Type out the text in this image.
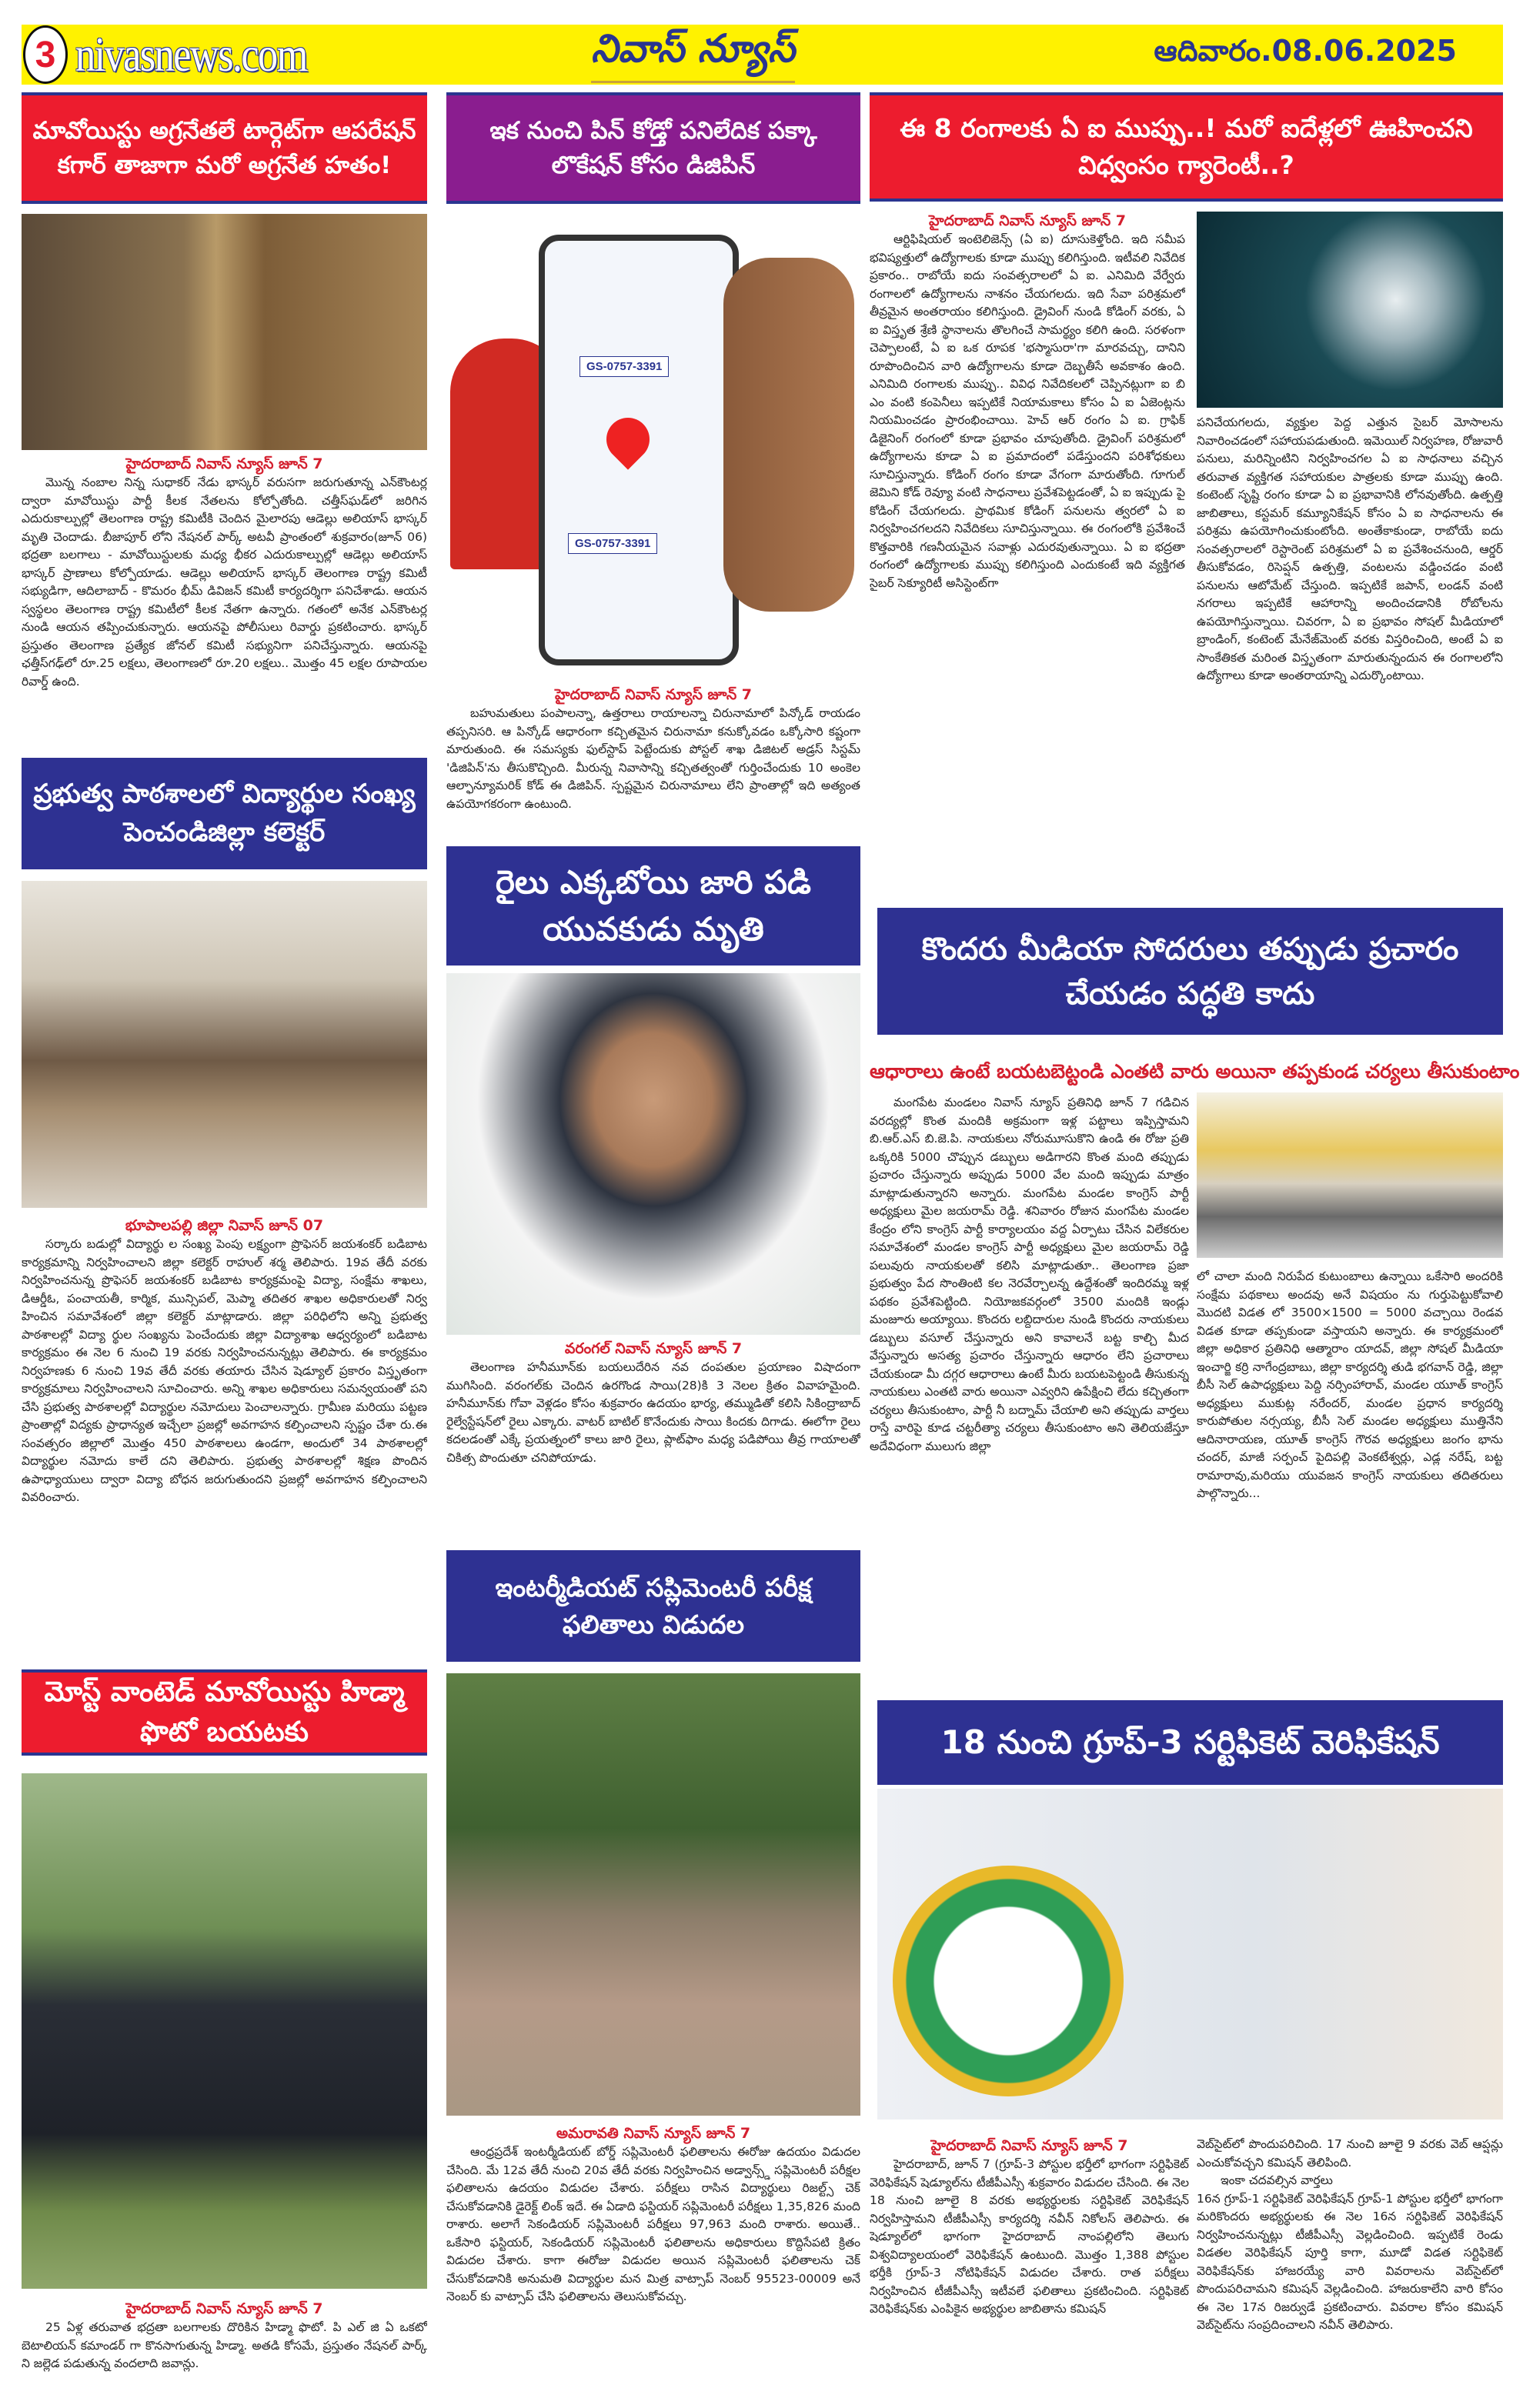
3 nivasnews.com	నివాస్ న్యూస్	ఆదివారం.08.06.2025
మావోయిస్టు అగ్రనేతలే టార్గెట్‌గా ఆపరేషన్ కగార్ తాజాగా మరో అగ్రనేత హతం!
హైదరాబాద్ నివాస్ న్యూస్ జూన్ 7
మొన్న నంబాల నిన్న సుధాకర్ నేడు భాస్కర్ వరుసగా జరుగుతూన్న ఎన్‌కౌంటర్ల ద్వారా మావోయిస్టు పార్టీ కీలక నేతలను కోల్పోతోంది. చత్తీస్‌ఘడ్‌లో జరిగిన ఎదురుకాల్పుల్లో తెలంగాణ రాష్ట్ర కమిటీకి చెందిన మైలారపు ఆడెల్లు అలియాస్ భాస్కర్ మృతి చెందాడు. బీజాపూర్ లోని నేషనల్ పార్క్ అటవీ ప్రాంతంలో శుక్రవారం(జూన్ 06) భద్రతా బలగాలు - మావోయిస్టులకు మధ్య భీకర ఎదురుకాల్పుల్లో ఆడెల్లు అలియాస్ భాస్కర్ ప్రాణాలు కోల్పోయాడు. ఆడెల్లు అలియాస్ భాస్కర్ తెలంగాణ రాష్ట్ర కమిటీ సభ్యుడిగా, ఆదిలాబాద్ - కొమరం భీమ్ డివిజన్ కమిటీ కార్యదర్శిగా పనిచేశాడు. ఆయన స్వస్థలం తెలంగాణ రాష్ట్ర కమిటీలో కీలక నేతగా ఉన్నారు. గతంలో అనేక ఎన్‌కౌంటర్ల నుండి ఆయన తప్పించుకున్నారు. ఆయనపై పోలీసులు రివార్డు ప్రకటించారు. భాస్కర్ ప్రస్తుతం తెలంగాణ ప్రత్యేక జోనల్ కమిటీ సభ్యునిగా పనిచేస్తున్నారు. ఆయనపై ఛత్తీస్‌గఢ్‌లో రూ.25 లక్షలు, తెలంగాణలో రూ.20 లక్షలు.. మొత్తం 45 లక్షల రూపాయల రివార్డ్ ఉంది.
ప్రభుత్వ పాఠశాలలో విద్యార్థుల సంఖ్య పెంచండిజిల్లా కలెక్టర్
భూపాలపల్లి జిల్లా నివాస్ జూన్ 07
సర్కారు బడుల్లో విద్యార్థు ల సంఖ్య పెంపు లక్ష్యంగా ప్రొఫెసర్ జయశంకర్ బడిబాట కార్యక్రమాన్ని నిర్వహించాలని జిల్లా కలెక్టర్ రాహుల్ శర్మ తెలిపారు. 19వ తేదీ వరకు నిర్వహించనున్న ప్రొఫెసర్ జయశంకర్ బడిబాట కార్యక్రమంపై విద్యా, సంక్షేమ శాఖలు, డిఆర్డీఓ, పంచాయతీ, కార్మిక, మున్సిపల్, మెప్మా తదితర శాఖల అధికారులతో నిర్వ హించిన సమావేశంలో జిల్లా కలెక్టర్ మాట్లాడారు. జిల్లా పరిధిలోని అన్ని ప్రభుత్వ పాఠశాలల్లో విద్యా ర్థుల సంఖ్యను పెంచేందుకు జిల్లా విద్యాశాఖ ఆధ్వర్యంలో బడిబాట కార్యక్రమం ఈ నెల 6 నుంచి 19 వరకు నిర్వహించనున్నట్లు తెలిపారు. ఈ కార్యక్రమం నిర్వహణకు 6 నుంచి 19వ తేదీ వరకు తయారు చేసిన షెడ్యూల్ ప్రకారం విస్తృతంగా కార్యక్రమాలు నిర్వహించాలని సూచించారు. అన్ని శాఖల అధికారులు సమన్వయంతో పని చేసి ప్రభుత్వ పాఠశాలల్లో విద్యార్థుల నమోదులు పెంచాలన్నారు. గ్రామీణ మరియు పట్టణ ప్రాంతాల్లో విద్యకు ప్రాధాన్యత ఇచ్చేలా ప్రజల్లో అవగాహన కల్పించాలని స్పష్టం చేశా రు.ఈ సంవత్సరం జిల్లాలో మొత్తం 450 పాఠశాలలు ఉండగా, అందులో 34 పాఠశాలల్లో విద్యార్థుల నమోదు కాలే దని తెలిపారు. ప్రభుత్వ పాఠశాలల్లో శిక్షణ పొందిన ఉపాధ్యాయులు ద్వారా విద్యా బోధన జరుగుతుందని ప్రజల్లో అవగాహన కల్పించాలని వివరించారు.
మోస్ట్ వాంటెడ్ మావోయిస్టు హిడ్మా ఫొటో బయటకు
హైదరాబాద్ నివాస్ న్యూస్ జూన్ 7
25 ఏళ్ల తరువాత భద్రతా బలగాలకు దొరికిన హిడ్మా ఫొటో. పి ఎల్ జి ఏ ఒకటో బెటాలియన్ కమాండర్ గా కొనసాగుతున్న హిడ్మా. అతడి కోసమే, ప్రస్తుతం నేషనల్ పార్క్ ని జల్లెడ పడుతున్న వందలాది జవాన్లు.
ఇక నుంచి పిన్ కోడ్తో పనిలేదిక పక్కా లొకేషన్ కోసం డిజిపిన్
GS-0757-3391
GS-0757-3391
హైదరాబాద్ నివాస్ న్యూస్ జూన్ 7
బహుమతులు పంపాలన్నా, ఉత్తరాలు రాయాలన్నా చిరునామాలో పిన్కోడ్ రాయడం తప్పనిసరి. ఆ పిన్కోడ్ ఆధారంగా కచ్చితమైన చిరునామా కనుక్కోవడం ఒక్కోసారి కష్టంగా మారుతుంది. ఈ సమస్యకు ఫుల్‌స్టాప్ పెట్టేందుకు పోస్టల్ శాఖ డిజిటల్ అడ్రస్ సిస్టమ్ 'డిజిపిన్'ను తీసుకొచ్చింది. మీరున్న నివాసాన్ని కచ్చితత్వంతో గుర్తించేందుకు 10 అంకెల ఆల్ఫాన్యూమరిక్ కోడ్ ఈ డిజిపిన్. స్పష్టమైన చిరునామాలు లేని ప్రాంతాల్లో ఇది అత్యంత ఉపయోగకరంగా ఉంటుంది.
రైలు ఎక్కబోయి జారి పడి యువకుడు మృతి
వరంగల్ నివాస్ న్యూస్ జూన్ 7
తెలంగాణ హనీమూన్‌కు బయలుదేరిన నవ దంపతుల ప్రయాణం విషాదంగా ముగిసింది. వరంగల్‌కు చెందిన ఉరగొండ సాయి(28)కి 3 నెలల క్రితం వివాహమైంది. హనీమూన్‌కు గోవా వెళ్లడం కోసం శుక్రవారం ఉదయం భార్య, తమ్ముడితో కలిసి సికింద్రాబాద్ రైల్వేస్టేషన్‌లో రైలు ఎక్కారు. వాటర్ బాటిల్ కొనేందుకు సాయి కిందకు దిగాడు. ఈలోగా రైలు కదలడంతో ఎక్కే ప్రయత్నంలో కాలు జారి రైలు, ప్లాట్‌ఫాం మధ్య పడిపోయి తీవ్ర గాయాలతో చికిత్స పొందుతూ చనిపోయాడు.
ఇంటర్మీడియట్ సప్లిమెంటరీ పరీక్ష ఫలితాలు విడుదల
అమరావతి నివాస్ న్యూస్ జూన్ 7
ఆంధ్రప్రదేశ్ ఇంటర్మీడియట్ బోర్డ్ సప్లిమెంటరీ ఫలితాలను ఈరోజు ఉదయం విడుదల చేసింది. మే 12వ తేదీ నుంచి 20వ తేదీ వరకు నిర్వహించిన అడ్వాన్స్డ్ సప్లిమెంటరీ పరీక్షల ఫలితాలను ఉదయం విడుదల చేశారు. పరీక్షలు రాసిన విద్యార్థులు రిజల్ట్స్ చెక్ చేసుకోవడానికి డైరెక్ట్ లింక్ ఇదే. ఈ ఏడాది ఫస్టియర్ సప్లిమెంటరీ పరీక్షలు 1,35,826 మంది రాశారు. అలాగే సెకండియర్ సప్లిమెంటరీ పరీక్షలు 97,963 మంది రాశారు. అయితే.. ఒకేసారి ఫస్టియర్, సెకండియర్ సప్లిమెంటరీ ఫలితాలను అధికారులు కొద్దిసేపటి క్రితం విడుదల చేశారు. కాగా ఈరోజు విడుదల అయిన సప్లిమెంటరీ ఫలితాలను చెక్ చేసుకోవడానికి అనుమతి విద్యార్థుల మన మిత్ర వాట్సాప్ నెంబర్ 95523-00009 అనే నెంబర్ కు వాట్సాప్ చేసి ఫలితాలను తెలుసుకోవచ్చు.
ఈ 8 రంగాలకు ఏ ఐ ముప్పు..! మరో ఐదేళ్లలో ఊహించని విధ్వంసం గ్యారెంటీ..?
హైదరాబాద్ నివాస్ న్యూస్ జూన్ 7
ఆర్టిఫిషియల్ ఇంటెలిజెన్స్ (ఏ ఐ) దూసుకెళ్తోంది. ఇది సమీప భవిష్యత్తులో ఉద్యోగాలకు కూడా ముప్పు కలిగిస్తుంది. ఇటీవలి నివేదిక ప్రకారం.. రాబోయే ఐదు సంవత్సరాలలో ఏ ఐ. ఎనిమిది వేర్వేరు రంగాలలో ఉద్యోగాలను నాశనం చేయగలదు. ఇది సేవా పరిశ్రమలో తీవ్రమైన అంతరాయం కలిగిస్తుంది. డ్రైవింగ్ నుండి కోడింగ్ వరకు, ఏ ఐ విస్తృత శ్రేణి స్థానాలను తొలగించే సామర్థ్యం కలిగి ఉంది. సరళంగా చెప్పాలంటే, ఏ ఐ ఒక రూపక 'భస్మాసురా'గా మారవచ్చు, దానిని రూపొందించిన వారి ఉద్యోగాలను కూడా దెబ్బతీసే అవకాశం ఉంది. ఎనిమిది రంగాలకు ముప్పు.. వివిధ నివేదికలలో చెప్పినట్లుగా ఐ బి ఎం వంటి కంపెనీలు ఇప్పటికే నియామకాలు కోసం ఏ ఐ ఏజెంట్లను నియమించడం ప్రారంభించాయి. హెచ్ ఆర్ రంగం ఏ ఐ. గ్రాఫిక్ డిజైనింగ్ రంగంలో కూడా ప్రభావం చూపుతోంది. డ్రైవింగ్ పరిశ్రమలో ఉద్యోగాలను కూడా ఏ ఐ ప్రమాదంలో పడేస్తుందని పరిశోధకులు సూచిస్తున్నారు. కోడింగ్ రంగం కూడా వేగంగా మారుతోంది. గూగుల్ జెమిని కోడ్ రెవ్యూ వంటి సాధనాలు ప్రవేశపెట్టడంతో, ఏ ఐ ఇప్పుడు పై కోడింగ్ చేయగలదు. ప్రాథమిక కోడింగ్ పనులను త్వరలో ఏ ఐ నిర్వహించగలదని నివేదికలు సూచిస్తున్నాయి. ఈ రంగంలోకి ప్రవేశించే కొత్తవారికి గణనీయమైన సవాళ్లు ఎదురవుతున్నాయి. ఏ ఐ భద్రతా రంగంలో ఉద్యోగాలకు ముప్పు కలిగిస్తుంది ఎందుకంటే ఇది వ్యక్తిగత సైబర్ సెక్యూరిటీ అసిస్టెంట్‌గా
పనిచేయగలదు, వ్యక్తుల పెద్ద ఎత్తున సైబర్ మోసాలను నివారించడంలో సహాయపడుతుంది. ఇమెయిల్ నిర్వహణ, రోజువారీ పనులు, మరిన్నింటిని నిర్వహించగల ఏ ఐ సాధనాలు వచ్చిన తరువాత వ్యక్తిగత సహాయకుల పాత్రలకు కూడా ముప్పు ఉంది. కంటెంట్ సృష్టి రంగం కూడా ఏ ఐ ప్రభావానికి లోనవుతోంది. ఉత్పత్తి జాబితాలు, కస్టమర్ కమ్యూనికేషన్ కోసం ఏ ఐ సాధనాలను ఈ పరిశ్రమ ఉపయోగించుకుంటోంది. అంతేకాకుండా, రాబోయే ఐదు సంవత్సరాలలో రెస్టారెంట్ పరిశ్రమలో ఏ ఐ ప్రవేశించనుంది, ఆర్డర్ తీసుకోవడం, రిసెప్షన్ ఉత్పత్తి, వంటలను వడ్డించడం వంటి పనులను ఆటోమేట్ చేస్తుంది. ఇప్పటికే జపాన్, లండన్ వంటి నగరాలు ఇప్పటికే ఆహారాన్ని అందించడానికి రోబోలను ఉపయోగిస్తున్నాయి. చివరగా, ఏ ఐ ప్రభావం సోషల్ మీడియాలో బ్రాండింగ్, కంటెంట్ మేనేజ్‌మెంట్ వరకు విస్తరించింది, అంటే ఏ ఐ సాంకేతికత మరింత విస్తృతంగా మారుతున్నందున ఈ రంగాలలోని ఉద్యోగాలు కూడా అంతరాయాన్ని ఎదుర్కొంటాయి.
కొందరు మీడియా సోదరులు తప్పుడు ప్రచారం చేయడం పద్ధతి కాదు
ఆధారాలు ఉంటే బయటబెట్టండి ఎంతటి వారు అయినా తప్పకుండ చర్యలు తీసుకుంటాం
మంగపేట మండలం నివాస్ న్యూస్ ప్రతినిధి జూన్ 7 గడిచిన వరద్యల్లో కొంత మందికి అక్రమంగా ఇళ్ల పట్టాలు ఇప్పిస్తామని బి.ఆర్.ఎస్ బి.జె.పి. నాయకులు నోరుమూసుకొని ఉండి ఈ రోజు ప్రతి ఒక్కరికి 5000 చొప్పున డబ్బులు అడిగారని కొంత మంది తప్పుడు ప్రచారం చేస్తున్నారు అప్పుడు 5000 వేల మంది ఇప్పుడు మాత్రం మాట్లాడుతున్నారని అన్నారు. మంగపేట మండల కాంగ్రెస్ పార్టీ అధ్యక్షులు మైల జయరామ్ రెడ్డి. శనివారం రోజున మంగపేట మండల కేంద్రం లోని కాంగ్రెస్ పార్టీ కార్యాలయం వద్ద ఏర్పాటు చేసిన విలేకరుల సమావేశంలో మండల కాంగ్రెస్ పార్టీ అధ్యక్షులు మైల జయరామ్ రెడ్డి పలువురు నాయకులతో కలిసి మాట్లాడుతూ.. తెలంగాణ ప్రజా ప్రభుత్వం పేద సొంతింటి కల నెరవేర్చాలన్న ఉద్దేశంతో ఇందిరమ్మ ఇళ్ల పథకం ప్రవేశపెట్టింది. నియోజకవర్గంలో 3500 మందికి ఇండ్లు మంజూరు అయ్యాయి. కొందరు లబ్దిదారుల నుండి కొందరు నాయకులు డబ్బులు వసూల్ చేస్తున్నారు అని కావాలనే బట్ట కాల్చి మీద వేస్తున్నారు అసత్య ప్రచారం చేస్తున్నారు ఆధారం లేని ప్రచారాలు చేయకుండా మీ దగ్గర ఆధారాలు ఉంటే మీరు బయటపెట్టండి తీసుకున్న నాయకులు ఎంతటి వారు అయినా ఎవ్వరిని ఉపేక్షించి లేదు కచ్చితంగా చర్యలు తీసుకుంటాం, పార్టీ నీ బద్నామ్ చేయాలి అని తప్పుడు వార్తలు రాస్తే వారిపై కూడ చట్టరీత్యా చర్యలు తీసుకుంటాం అని తెలియజేస్తూ అదేవిధంగా ములుగు జిల్లా
లో చాలా మంది నిరుపేద కుటుంబాలు ఉన్నాయి ఒకేసారి అందరికి సంక్షేమ పథకాలు అందవు అనే విషయం ను గుర్తుపెట్టుకోవాలి మొదటి విడత లో 3500×1500 = 5000 వచ్చాయి రెండవ విడత కూడా తప్పకుండా వస్తాయని అన్నారు. ఈ కార్యక్రమంలో జిల్లా అధికార ప్రతినిధి ఆత్మారాం యాదవ్, జిల్లా సోషల్ మీడియా ఇంచార్జి కర్రి నాగేంద్రబాబు, జిల్లా కార్యదర్శి తుడి భగవాన్ రెడ్డి, జిల్లా బీసీ సెల్ ఉపాధ్యక్షులు పెద్ది నర్సింహారావ్, మండల యూత్ కాంగ్రెస్ అధ్యక్షులు ముకుట్ల నరేందర్, మండల ప్రధాన కార్యదర్శి కారుపోతుల నర్సయ్య, బీసీ సెల్ మండల అధ్యక్షులు ముత్తినేని ఆదినారాయణ, యూత్ కాంగ్రెస్ గౌరవ అధ్యక్షులు జంగం భాను చందర్, మాజీ సర్పంచ్ పైదిపల్లి వెంకటేశ్వర్లు, ఎడ్ల నరేష్, బట్ట రామారావు,మరియు యువజన కాంగ్రెస్ నాయకులు తదితరులు పాల్గొన్నారు...
18 నుంచి గ్రూప్-3 సర్టిఫికెట్ వెరిఫికేషన్
హైదరాబాద్ నివాస్ న్యూస్ జూన్ 7
హైదరాబాద్, జూన్ 7 (గ్రూప్-3 పోస్టుల భర్తీలో భాగంగా సర్టిఫికెట్ వెరిఫికేషన్ షెడ్యూల్‌ను టీజీపీఎస్సీ శుక్రవారం విడుదల చేసింది. ఈ నెల 18 నుంచి జూలై 8 వరకు అభ్యర్థులకు సర్టిఫికెట్ వెరిఫికేషన్ నిర్వహిస్తామని టీజీపీఎస్సీ కార్యదర్శి నవీన్ నికోలస్ తెలిపారు. ఈ షెడ్యూల్‌లో భాగంగా హైదరాబాద్ నాంపల్లిలోని తెలుగు విశ్వవిద్యాలయంలో వెరిఫికేషన్ ఉంటుంది. మొత్తం 1,388 పోస్టుల భర్తీకి గ్రూప్-3 నోటిఫికేషన్ విడుదల చేశారు. రాత పరీక్షలు నిర్వహించిన టీజీపీఎస్సీ ఇటీవలే ఫలితాలు ప్రకటించింది. సర్టిఫికెట్ వెరిఫికేషన్‌కు ఎంపికైన అభ్యర్థుల జాబితాను కమిషన్
వెబ్‌సైట్‌లో పొందుపరిచింది. 17 నుంచి జూలై 9 వరకు వెబ్ ఆప్షన్లు ఎంచుకోవచ్చని కమిషన్ తెలిపింది.
ఇంకా చదవల్సిన వార్తలు
16న గ్రూప్-1 సర్టిఫికెట్ వెరిఫికేషన్ గ్రూప్-1 పోస్టుల భర్తీలో భాగంగా మరికొందరు అభ్యర్థులకు ఈ నెల 16న సర్టిఫికెట్ వెరిఫికేషన్ నిర్వహించనున్నట్లు టీజీపీఎస్సీ వెల్లడించింది. ఇప్పటికే రెండు విడతల వెరిఫికేషన్ పూర్తి కాగా, మూడో విడత సర్టిఫికెట్ వెరిఫికేషన్‌కు హాజరయ్యే వారి వివరాలను వెబ్‌సైట్‌లో పొందుపరిచామని కమిషన్ వెల్లడించింది. హాజరుకాలేని వారి కోసం ఈ నెల 17న రిజర్వుడే ప్రకటించారు. వివరాల కోసం కమిషన్ వెబ్‌సైట్‌ను సంప్రదించాలని నవీన్ తెలిపారు.
